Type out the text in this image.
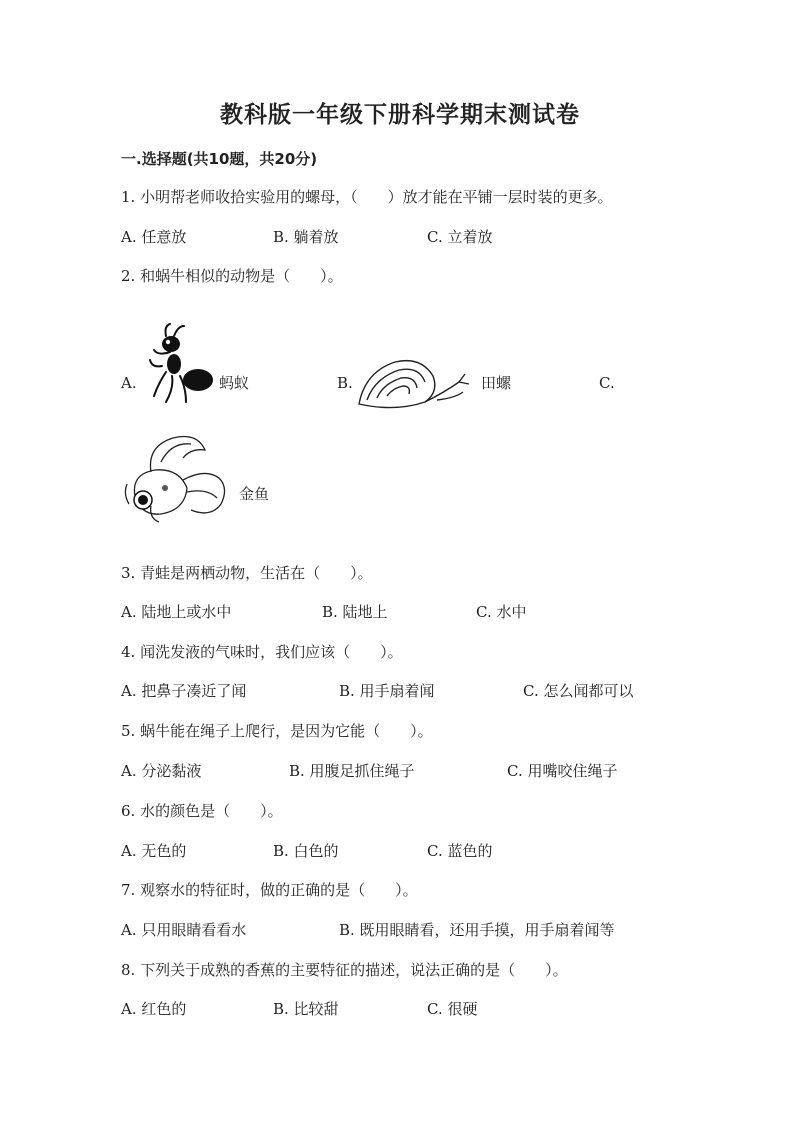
教科版一年级下册科学期末测试卷
一.选择题(共10题，共20分)
1. 小明帮老师收拾实验用的螺母，（　　）放才能在平铺一层时装的更多。
A. 任意放	B. 躺着放	C. 立着放
2. 和蜗牛相似的动物是（　　）。
A.	蚂蚁	B.	田螺	C.
金鱼
3. 青蛙是两栖动物，生活在（　　）。
A. 陆地上或水中	B. 陆地上	C. 水中
4. 闻洗发液的气味时，我们应该（　　）。
A. 把鼻子凑近了闻	B. 用手扇着闻	C. 怎么闻都可以
5. 蜗牛能在绳子上爬行，是因为它能（　　）。
A. 分泌黏液	B. 用腹足抓住绳子	C. 用嘴咬住绳子
6. 水的颜色是（　　）。
A. 无色的	B. 白色的	C. 蓝色的
7. 观察水的特征时，做的正确的是（　　）。
A. 只用眼睛看看水	B. 既用眼睛看，还用手摸，用手扇着闻等
8. 下列关于成熟的香蕉的主要特征的描述，说法正确的是（　　）。
A. 红色的	B. 比较甜	C. 很硬
